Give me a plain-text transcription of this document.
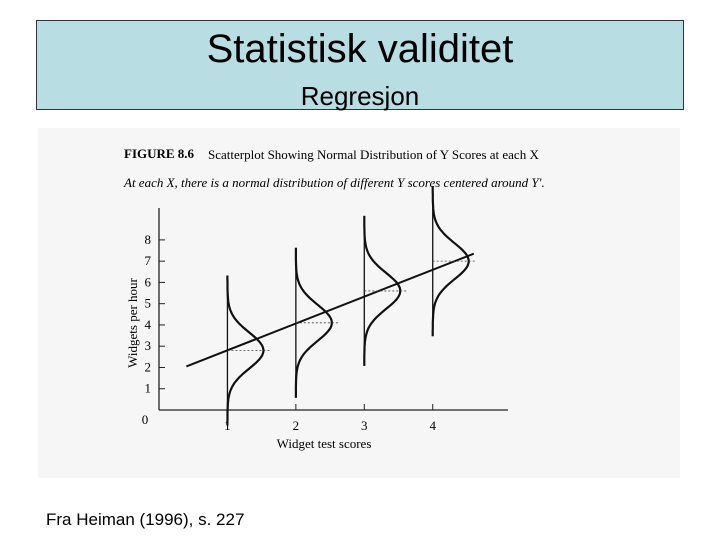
Statistisk validitet
Regresjon
FIGURE 8.6 Scatterplot Showing Normal Distribution of Y Scores at each X
At each X, there is a normal distribution of different Y scores centered around Y′.
0
1
2
3
4
5
6
7
8
1	2	3	4
Widget test scores
Widgets per hour
Fra Heiman (1996), s. 227
